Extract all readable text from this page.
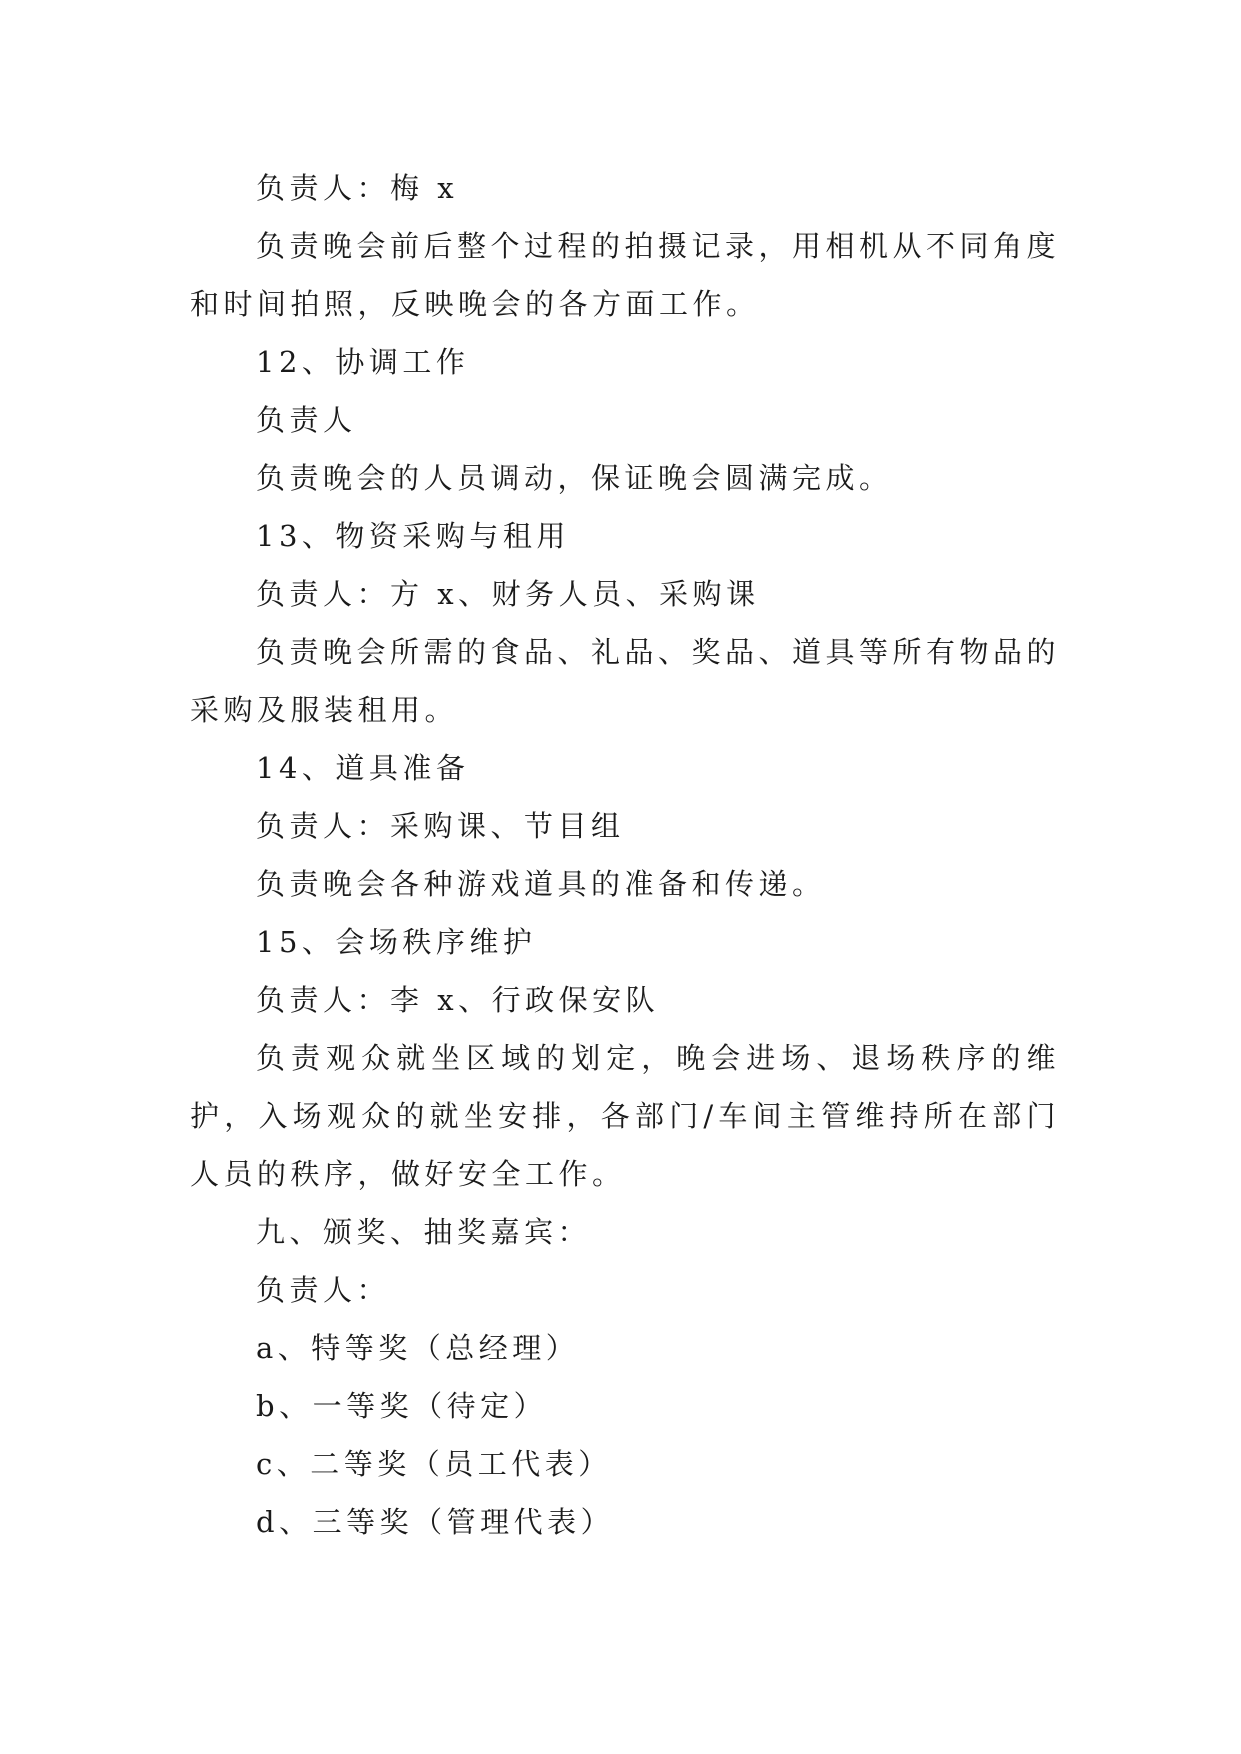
负责人：梅 x

负责晚会前后整个过程的拍摄记录，用相机从不同角度和时间拍照，反映晚会的各方面工作。

12、协调工作

负责人

负责晚会的人员调动，保证晚会圆满完成。

13、物资采购与租用

负责人：方 x、财务人员、采购课

负责晚会所需的食品、礼品、奖品、道具等所有物品的采购及服装租用。

14、道具准备

负责人：采购课、节目组

负责晚会各种游戏道具的准备和传递。

15、会场秩序维护

负责人：李 x、行政保安队

负责观众就坐区域的划定，晚会进场、退场秩序的维护，入场观众的就坐安排，各部门/车间主管维持所在部门人员的秩序，做好安全工作。

九、颁奖、抽奖嘉宾：

负责人：

a、特等奖（总经理）

b、一等奖（待定）

c、二等奖（员工代表）

d、三等奖（管理代表）
